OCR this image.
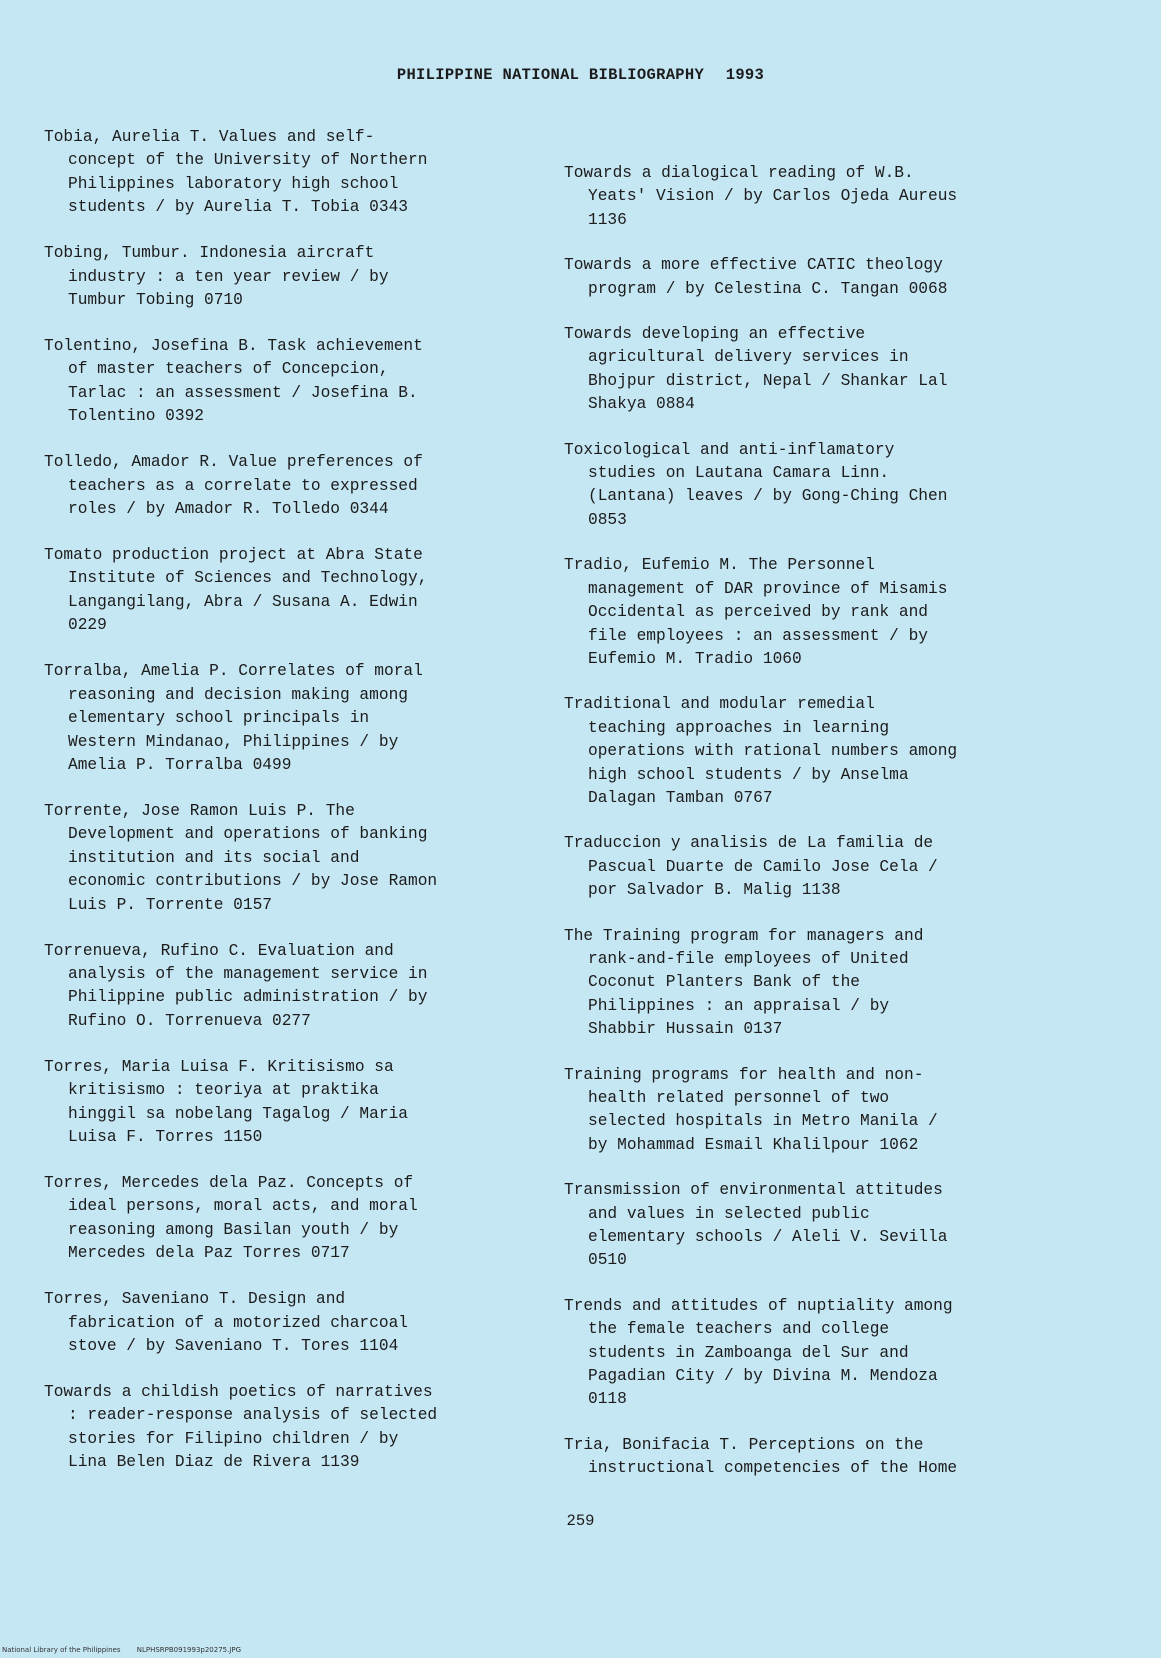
PHILIPPINE NATIONAL BIBLIOGRAPHY 1993
Tobia, Aurelia T. Values and self-
concept of the University of Northern
Philippines laboratory high school
students / by Aurelia T. Tobia 0343
Tobing, Tumbur. Indonesia aircraft
industry : a ten year review / by
Tumbur Tobing 0710
Tolentino, Josefina B. Task achievement
of master teachers of Concepcion,
Tarlac : an assessment / Josefina B.
Tolentino 0392
Tolledo, Amador R. Value preferences of
teachers as a correlate to expressed
roles / by Amador R. Tolledo 0344
Tomato production project at Abra State
Institute of Sciences and Technology,
Langangilang, Abra / Susana A. Edwin
0229
Torralba, Amelia P. Correlates of moral
reasoning and decision making among
elementary school principals in
Western Mindanao, Philippines / by
Amelia P. Torralba 0499
Torrente, Jose Ramon Luis P. The
Development and operations of banking
institution and its social and
economic contributions / by Jose Ramon
Luis P. Torrente 0157
Torrenueva, Rufino C. Evaluation and
analysis of the management service in
Philippine public administration / by
Rufino O. Torrenueva 0277
Torres, Maria Luisa F. Kritisismo sa
kritisismo : teoriya at praktika
hinggil sa nobelang Tagalog / Maria
Luisa F. Torres 1150
Torres, Mercedes dela Paz. Concepts of
ideal persons, moral acts, and moral
reasoning among Basilan youth / by
Mercedes dela Paz Torres 0717
Torres, Saveniano T. Design and
fabrication of a motorized charcoal
stove / by Saveniano T. Tores 1104
Towards a childish poetics of narratives
: reader-response analysis of selected
stories for Filipino children / by
Lina Belen Diaz de Rivera 1139
Towards a dialogical reading of W.B.
Yeats' Vision / by Carlos Ojeda Aureus
1136
Towards a more effective CATIC theology
program / by Celestina C. Tangan 0068
Towards developing an effective
agricultural delivery services in
Bhojpur district, Nepal / Shankar Lal
Shakya 0884
Toxicological and anti-inflamatory
studies on Lautana Camara Linn.
(Lantana) leaves / by Gong-Ching Chen
0853
Tradio, Eufemio M. The Personnel
management of DAR province of Misamis
Occidental as perceived by rank and
file employees : an assessment / by
Eufemio M. Tradio 1060
Traditional and modular remedial
teaching approaches in learning
operations with rational numbers among
high school students / by Anselma
Dalagan Tamban 0767
Traduccion y analisis de La familia de
Pascual Duarte de Camilo Jose Cela /
por Salvador B. Malig 1138
The Training program for managers and
rank-and-file employees of United
Coconut Planters Bank of the
Philippines : an appraisal / by
Shabbir Hussain 0137
Training programs for health and non-
health related personnel of two
selected hospitals in Metro Manila /
by Mohammad Esmail Khalilpour 1062
Transmission of environmental attitudes
and values in selected public
elementary schools / Aleli V. Sevilla
0510
Trends and attitudes of nuptiality among
the female teachers and college
students in Zamboanga del Sur and
Pagadian City / by Divina M. Mendoza
0118
Tria, Bonifacia T. Perceptions on the
instructional competencies of the Home
259
National Library of the Philippines NLPHSRPB091993p20275.JPG
